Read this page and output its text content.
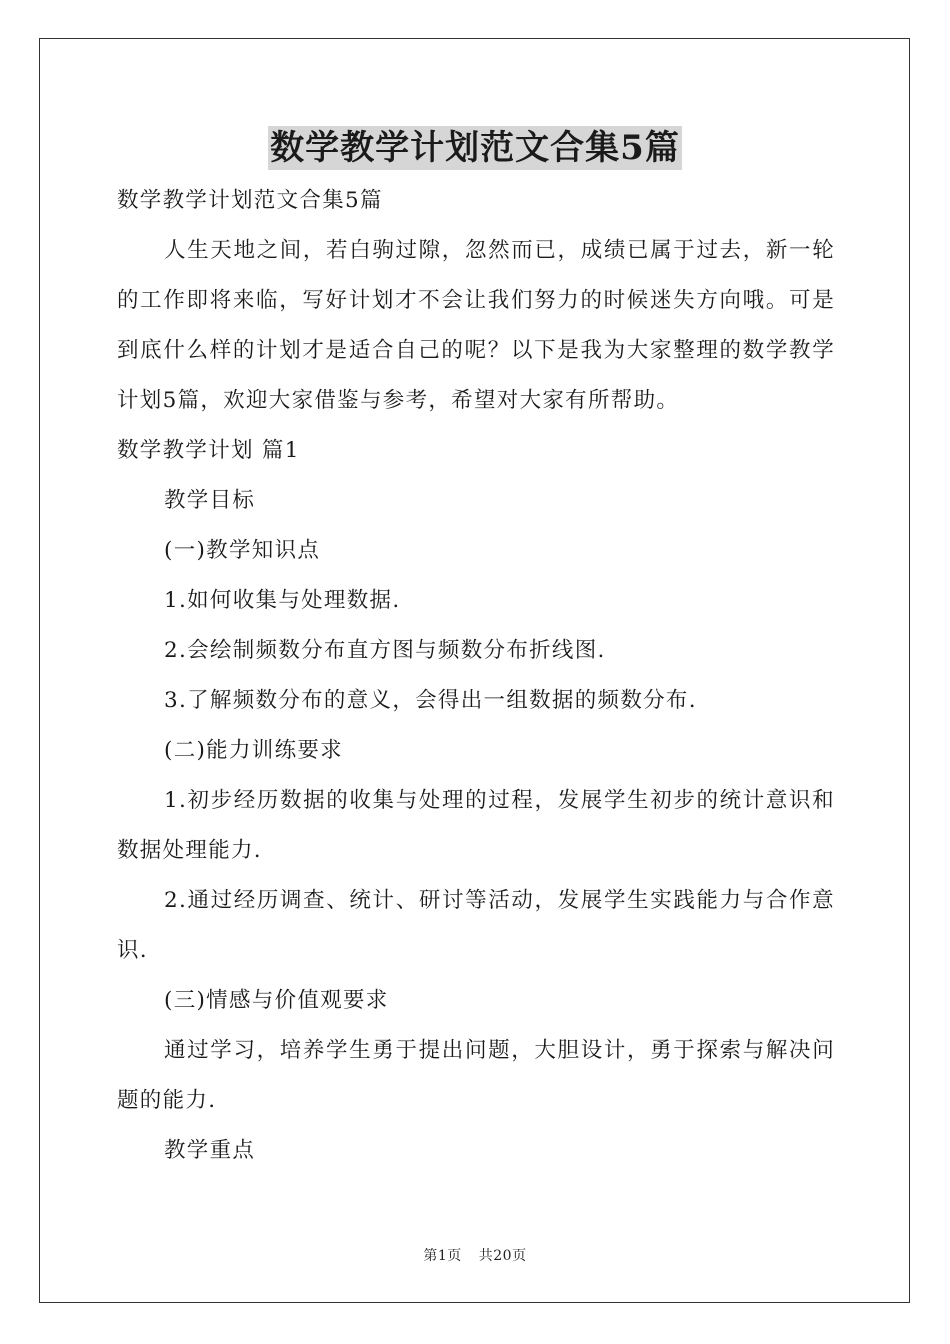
数学教学计划范文合集5篇

数学教学计划范文合集5篇

人生天地之间，若白驹过隙，忽然而已，成绩已属于过去，新一轮的工作即将来临，写好计划才不会让我们努力的时候迷失方向哦。可是到底什么样的计划才是适合自己的呢？以下是我为大家整理的数学教学计划5篇，欢迎大家借鉴与参考，希望对大家有所帮助。

数学教学计划 篇1

教学目标

(一)教学知识点

1.如何收集与处理数据.

2.会绘制频数分布直方图与频数分布折线图.

3.了解频数分布的意义，会得出一组数据的频数分布.

(二)能力训练要求

1.初步经历数据的收集与处理的过程，发展学生初步的统计意识和数据处理能力.

2.通过经历调查、统计、研讨等活动，发展学生实践能力与合作意识.

(三)情感与价值观要求

通过学习，培养学生勇于提出问题，大胆设计，勇于探索与解决问题的能力.

教学重点

第1页 共20页
